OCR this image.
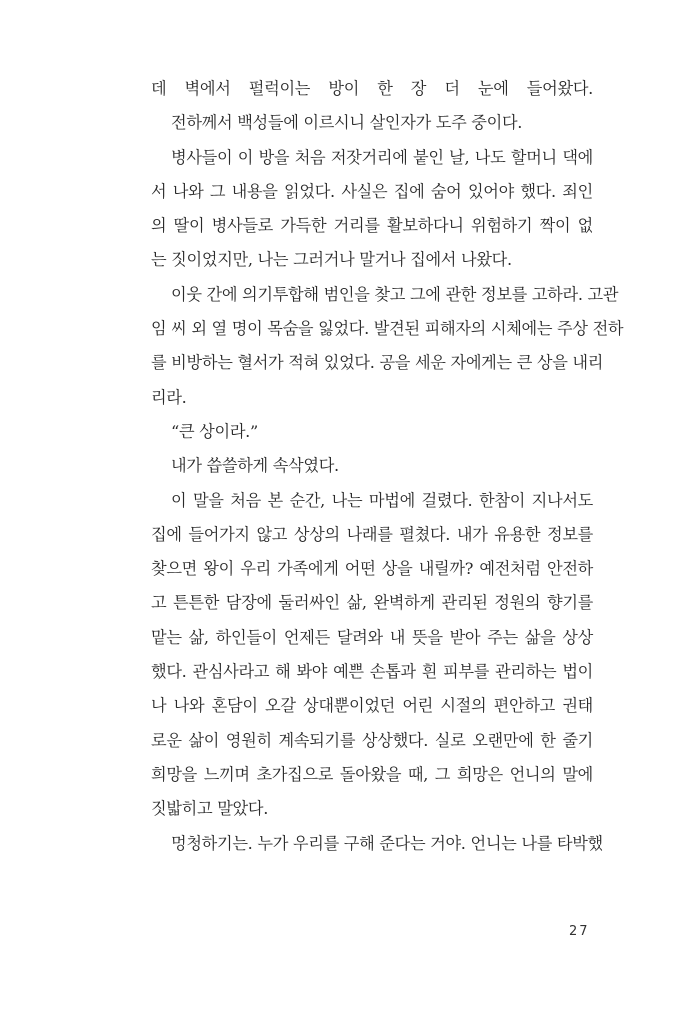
데 벽에서 펄럭이는 방이 한 장 더 눈에 들어왔다.
전하께서 백성들에 이르시니 살인자가 도주 중이다.
병사들이 이 방을 처음 저잣거리에 붙인 날, 나도 할머니 댁에
서 나와 그 내용을 읽었다. 사실은 집에 숨어 있어야 했다. 죄인
의 딸이 병사들로 가득한 거리를 활보하다니 위험하기 짝이 없
는 짓이었지만, 나는 그러거나 말거나 집에서 나왔다.
이웃 간에 의기투합해 범인을 찾고 그에 관한 정보를 고하라. 고관
임 씨 외 열 명이 목숨을 잃었다. 발견된 피해자의 시체에는 주상 전하
를 비방하는 혈서가 적혀 있었다. 공을 세운 자에게는 큰 상을 내리
리라.
“큰 상이라.”
내가 씁쓸하게 속삭였다.
이 말을 처음 본 순간, 나는 마법에 걸렸다. 한참이 지나서도
집에 들어가지 않고 상상의 나래를 펼쳤다. 내가 유용한 정보를
찾으면 왕이 우리 가족에게 어떤 상을 내릴까? 예전처럼 안전하
고 튼튼한 담장에 둘러싸인 삶, 완벽하게 관리된 정원의 향기를
맡는 삶, 하인들이 언제든 달려와 내 뜻을 받아 주는 삶을 상상
했다. 관심사라고 해 봐야 예쁜 손톱과 흰 피부를 관리하는 법이
나 나와 혼담이 오갈 상대뿐이었던 어린 시절의 편안하고 권태
로운 삶이 영원히 계속되기를 상상했다. 실로 오랜만에 한 줄기
희망을 느끼며 초가집으로 돌아왔을 때, 그 희망은 언니의 말에
짓밟히고 말았다.
멍청하기는. 누가 우리를 구해 준다는 거야. 언니는 나를 타박했
27
